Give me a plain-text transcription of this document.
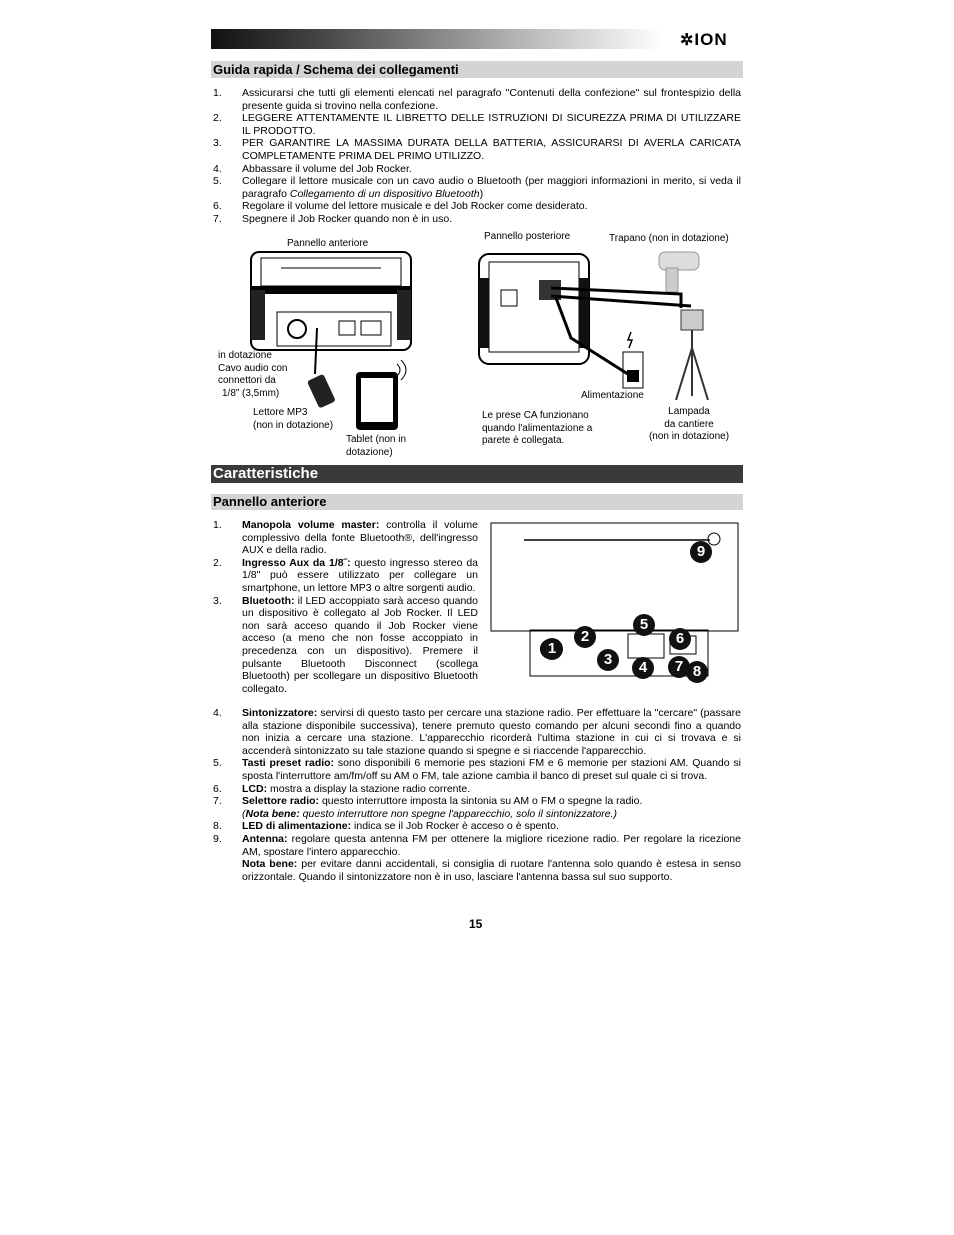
✲ION
Guida rapida / Schema dei collegamenti
1.	Assicurarsi che tutti gli elementi elencati nel paragrafo "Contenuti della confezione" sul frontespizio della presente guida si trovino nella confezione.
2.	LEGGERE ATTENTAMENTE IL LIBRETTO DELLE ISTRUZIONI DI SICUREZZA PRIMA DI UTILIZZARE IL PRODOTTO.
3.	PER GARANTIRE LA MASSIMA DURATA DELLA BATTERIA, ASSICURARSI DI AVERLA CARICATA COMPLETAMENTE PRIMA DEL PRIMO UTILIZZO.
4.	Abbassare il volume del Job Rocker.
5.	Collegare il lettore musicale con un cavo audio o Bluetooth (per maggiori informazioni in merito, si veda il paragrafo Collegamento di un dispositivo Bluetooth)
6.	Regolare il volume del lettore musicale e del Job Rocker come desiderato.
7.	Spegnere il Job Rocker quando non è in uso.
Pannello anteriore
Pannello posteriore	Trapano (non in dotazione)
in dotazione
Cavo audio con
connettori da
1/8” (3,5mm)
Lettore MP3
(non in dotazione)
Tablet (non in
dotazione)
Alimentazione
Le prese CA funzionano
quando l'alimentazione a
parete è collegata.
Lampada
da cantiere
(non in dotazione)
Caratteristiche
Pannello anteriore
1.	Manopola volume master: controlla il volume complessivo della fonte Bluetooth®, dell'ingresso AUX e della radio.
2.	Ingresso Aux da 1/8˝: questo ingresso stereo da 1/8" può essere utilizzato per collegare un smartphone, un lettore MP3 o altre sorgenti audio.
3.	Bluetooth: il LED accoppiato sarà acceso quando un dispositivo è collegato al Job Rocker. Il LED non sarà acceso quando il Job Rocker viene acceso (a meno che non fosse accoppiato in precedenza con un dispositivo). Premere il pulsante Bluetooth Disconnect (scollega Bluetooth) per scollegare un dispositivo Bluetooth collegato.
4.	Sintonizzatore: servirsi di questo tasto per cercare una stazione radio. Per effettuare la "cercare" (passare alla stazione disponibile successiva), tenere premuto questo comando per alcuni secondi fino a quando non inizia a cercare una stazione. L'apparecchio ricorderà l'ultima stazione in cui ci si trovava e si accenderà sintonizzato su tale stazione quando si spegne e si riaccende l'apparecchio.
5.	Tasti preset radio: sono disponibili 6 memorie pes stazioni FM e 6 memorie per stazioni AM. Quando si sposta l'interruttore am/fm/off su AM o FM, tale azione cambia il banco di preset sul quale ci si trova.
6.	LCD: mostra a display la stazione radio corrente.
7.	Selettore radio: questo interruttore imposta la sintonia su AM o FM o spegne la radio.
(Nota bene: questo interruttore non spegne l'apparecchio, solo il sintonizzatore.)
8.	LED di alimentazione: indica se il Job Rocker è acceso o è spento.
9.	Antenna: regolare questa antenna FM per ottenere la migliore ricezione radio. Per regolare la ricezione AM, spostare l'intero apparecchio.
Nota bene: per evitare danni accidentali, si consiglia di ruotare l'antenna solo quando è estesa in senso orizzontale. Quando il sintonizzatore non è in uso, lasciare l'antenna bassa sul suo supporto.
9
5
2	6
1
3	4	7 8
15
